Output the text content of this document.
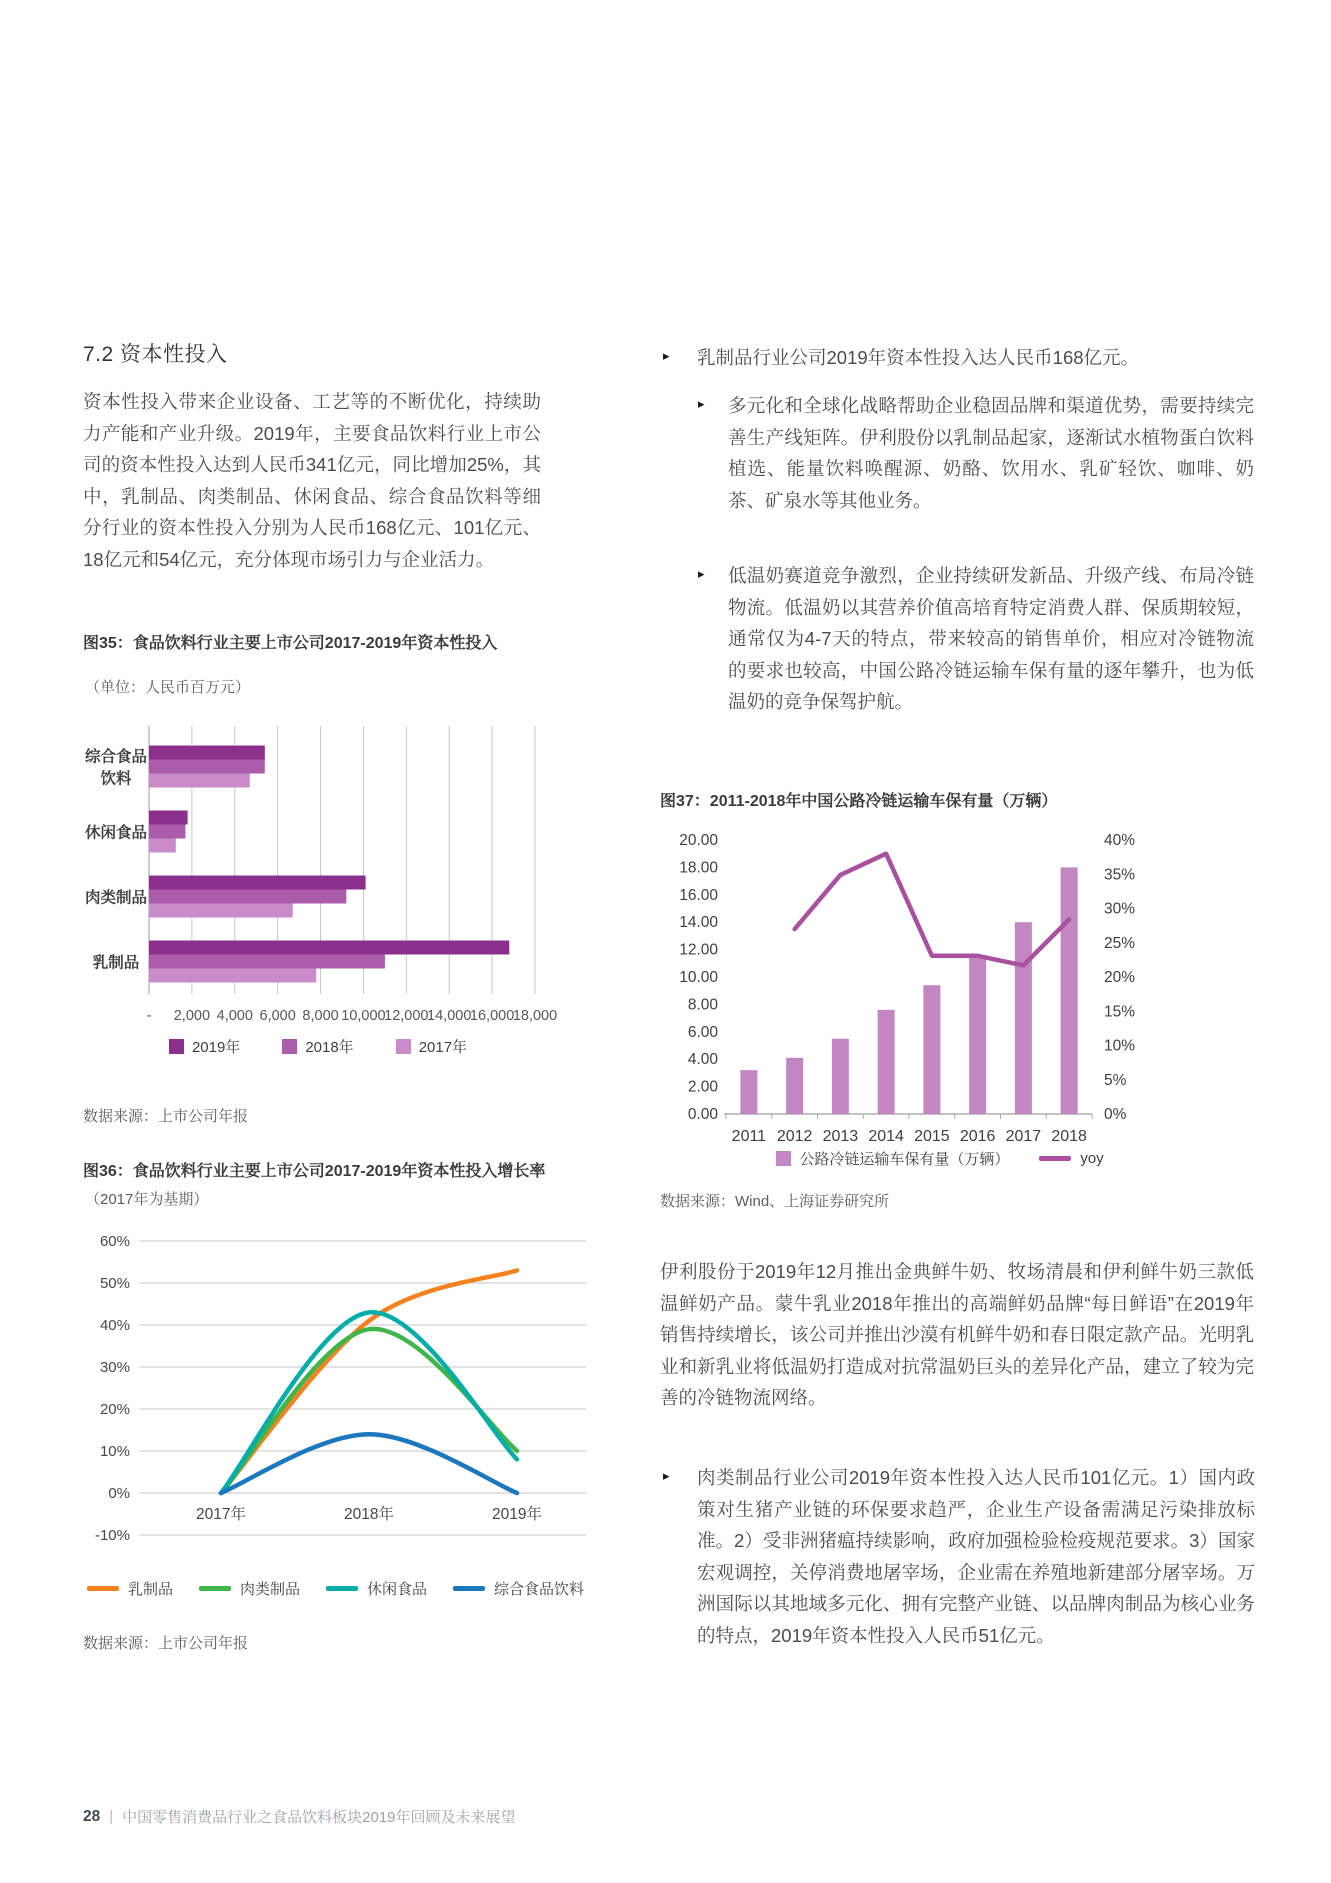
7.2 资本性投入
资本性投入带来企业设备、工艺等的不断优化，持续助力产能和产业升级。2019年，主要食品饮料行业上市公司的资本性投入达到人民币341亿元，同比增加25%，其中，乳制品、肉类制品、休闲食品、综合食品饮料等细分行业的资本性投入分别为人民币168亿元、101亿元、18亿元和54亿元，充分体现市场引力与企业活力。
图35：食品饮料行业主要上市公司2017-2019年资本性投入
（单位：人民币百万元）
- 2,000 4,000 6,000 8,000 10,000
12,000
14,000
16,000
18,000
综合食品饮料
休闲食品
肉类制品
乳制品
2019年	2018年	2017年
数据来源：上市公司年报
图36：食品饮料行业主要上市公司2017-2019年资本性投入增长率
（2017年为基期）
60%
50%
40%
30%
20%
10%
0%
-10%
2017年	2018年	2019年
乳制品	肉类制品	休闲食品	综合食品饮料
数据来源：上市公司年报
▸	乳制品行业公司2019年资本性投入达人民币168亿元。
▸	多元化和全球化战略帮助企业稳固品牌和渠道优势，需要持续完善生产线矩阵。伊利股份以乳制品起家，逐渐试水植物蛋白饮料植选、能量饮料唤醒源、奶酪、饮用水、乳矿轻饮、咖啡、奶茶、矿泉水等其他业务。
▸	低温奶赛道竞争激烈，企业持续研发新品、升级产线、布局冷链物流。低温奶以其营养价值高培育特定消费人群、保质期较短，通常仅为4-7天的特点，带来较高的销售单价，相应对冷链物流的要求也较高，中国公路冷链运输车保有量的逐年攀升，也为低温奶的竞争保驾护航。
图37：2011-2018年中国公路冷链运输车保有量（万辆）
0.00
2.00
4.00
6.00
8.00
10.00
12.00
14.00
16.00
18.00
20.00
0%
5%
10%
15%
20%
25%
30%
35%
40%
2011 2012 2013 2014 2015 2016 2017 2018
公路冷链运输车保有量（万辆）	yoy
数据来源：Wind、上海证券研究所
伊利股份于2019年12月推出金典鲜牛奶、牧场清晨和伊利鲜牛奶三款低温鲜奶产品。蒙牛乳业2018年推出的高端鲜奶品牌“每日鲜语”在2019年销售持续增长，该公司并推出沙漠有机鲜牛奶和春日限定款产品。光明乳业和新乳业将低温奶打造成对抗常温奶巨头的差异化产品，建立了较为完善的冷链物流网络。
▸	肉类制品行业公司2019年资本性投入达人民币101亿元。1）国内政策对生猪产业链的环保要求趋严，企业生产设备需满足污染排放标准。2）受非洲猪瘟持续影响，政府加强检验检疫规范要求。3）国家宏观调控，关停消费地屠宰场，企业需在养殖地新建部分屠宰场。万洲国际以其地域多元化、拥有完整产业链、以品牌肉制品为核心业务的特点，2019年资本性投入人民币51亿元。
28 | 中国零售消费品行业之食品饮料板块2019年回顾及未来展望
